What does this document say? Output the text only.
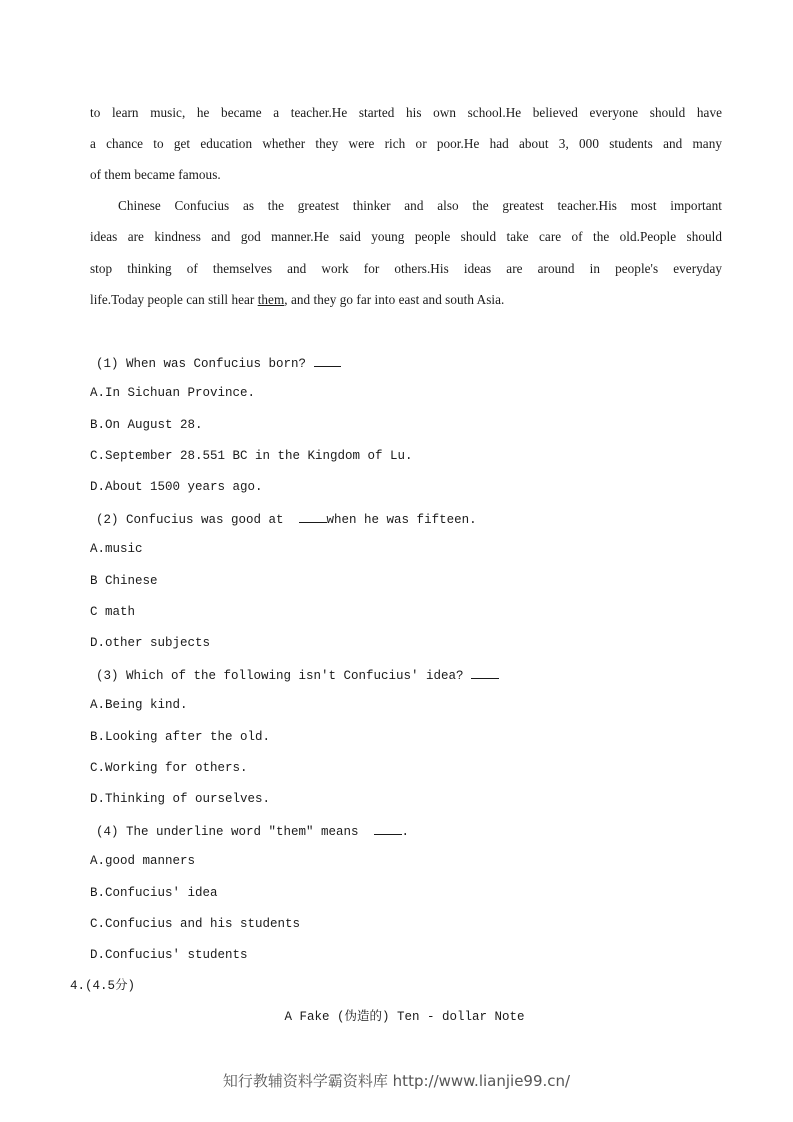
to learn music, he became a teacher.He started his own school.He believed everyone should have
a chance to get education whether they were rich or poor.He had about 3, 000 students and many
of them became famous.
Chinese Confucius as the greatest thinker and also the greatest teacher.His most important
ideas are kindness and god manner.He said young people should take care of the old.People should
stop thinking of themselves and work for others.His ideas are around in people's everyday
life.Today people can still hear them, and they go far into east and south Asia.
(1) When was Confucius born?
A.In Sichuan Province.
B.On August 28.
C.September 28.551 BC in the Kingdom of Lu.
D.About 1500 years ago.
(2) Confucius was good at  when he was fifteen.
A.music
B Chinese
C math
D.other subjects
(3) Which of the following isn't Confucius' idea?
A.Being kind.
B.Looking after the old.
C.Working for others.
D.Thinking of ourselves.
(4) The underline word "them" means  .
A.good manners
B.Confucius' idea
C.Confucius and his students
D.Confucius' students
4.(4.5分)
A Fake (伪造的) Ten - dollar Note
知行教辅资料学霸资料库 http://www.lianjie99.cn/
